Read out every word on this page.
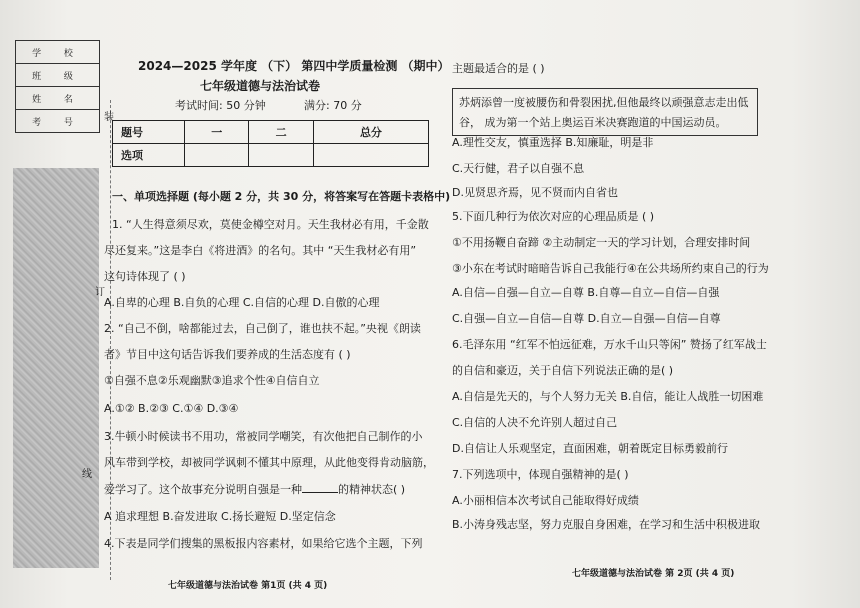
学 校

班 级

姓 名

考 号	装
订
线
2024—2025 学年度 （下） 第四中学质量检测 （期中）
七年级道德与法治试卷
考试时间: 50 分钟	满分: 70 分
题号	一	二	总分
选项			
一、单项选择题 (每小题 2 分，共 30 分，将答案写在答题卡表格中)
1. “人生得意须尽欢，莫使金樽空对月。天生我材必有用，千金散
尽还复来。”这是李白《将进酒》的名句。其中 “天生我材必有用”
这句诗体现了 ( )
A.自卑的心理 B.自负的心理 C.自信的心理 D.自傲的心理
2. “自己不倒，啥都能过去，自己倒了，谁也扶不起。”央视《朗读
者》节目中这句话告诉我们要养成的生活态度有 ( )
①自强不息②乐观幽默③追求个性④自信自立
A.①② B.②③ C.①④ D.③④
3.牛顿小时候读书不用功，常被同学嘲笑，有次他把自己制作的小
风车带到学校，却被同学讽刺不懂其中原理，从此他变得肯动脑筋，
爱学习了。这个故事充分说明自强是一种	的精神状态( )
A 追求理想 B.奋发进取 C.扬长避短 D.坚定信念
4.下表是同学们搜集的黑板报内容素材，如果给它选个主题，下列
七年级道德与法治试卷 第1页 (共 4 页)
主题最适合的是 ( )
苏炳添曾一度被腰伤和骨裂困扰,但他最终以顽强意志走出低谷， 成为第一个站上奥运百米决赛跑道的中国运动员。
A.理性交友，慎重选择 B.知廉耻，明是非
C.天行健，君子以自强不息
D.见贤思齐焉，见不贤而内自省也
5.下面几种行为依次对应的心理品质是 ( )
①不用扬鞭自奋蹄 ②主动制定一天的学习计划，合理安排时间
③小东在考试时暗暗告诉自己我能行④在公共场所约束自己的行为
A.自信—自强—自立—自尊 B.自尊—自立—自信—自强
C.自强—自立—自信—自尊 D.自立—自强—自信—自尊
6.毛泽东用 “红军不怕远征难，万水千山只等闲” 赞扬了红军战士
的自信和豪迈，关于自信下列说法正确的是( )
A.自信是先天的，与个人努力无关 B.自信，能让人战胜一切困难
C.自信的人决不允许别人超过自己
D.自信让人乐观坚定，直面困难，朝着既定目标勇毅前行
7.下列选项中，体现自强精神的是( )
A.小丽相信本次考试自己能取得好成绩
B.小涛身残志坚，努力克服自身困难，在学习和生活中积极进取
七年级道德与法治试卷 第 2页 (共 4 页)
